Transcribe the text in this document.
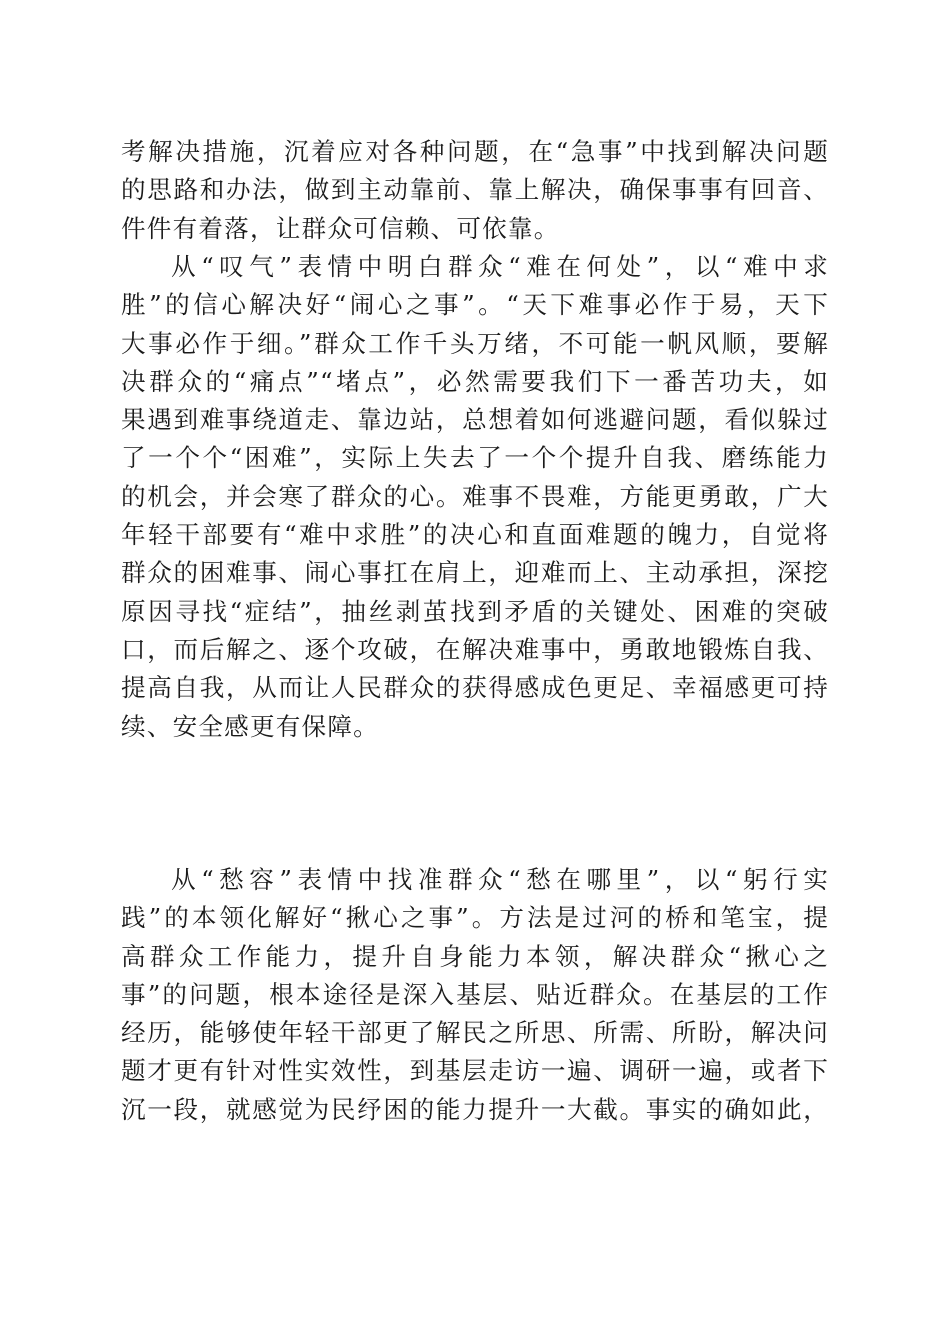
考解决措施，沉着应对各种问题，在“急事”中找到解决问题
的思路和办法，做到主动靠前、靠上解决，确保事事有回音、
件件有着落，让群众可信赖、可依靠。
从“叹气”表情中明白群众“难在何处”，以“难中求
胜”的信心解决好“闹心之事”。“天下难事必作于易，天下
大事必作于细。”群众工作千头万绪，不可能一帆风顺，要解
决群众的“痛点”“堵点”，必然需要我们下一番苦功夫，如
果遇到难事绕道走、靠边站，总想着如何逃避问题，看似躲过
了一个个“困难”，实际上失去了一个个提升自我、磨练能力
的机会，并会寒了群众的心。难事不畏难，方能更勇敢，广大
年轻干部要有“难中求胜”的决心和直面难题的魄力，自觉将
群众的困难事、闹心事扛在肩上，迎难而上、主动承担，深挖
原因寻找“症结”，抽丝剥茧找到矛盾的关键处、困难的突破
口，而后解之、逐个攻破，在解决难事中，勇敢地锻炼自我、
提高自我，从而让人民群众的获得感成色更足、幸福感更可持
续、安全感更有保障。
从“愁容”表情中找准群众“愁在哪里”，以“躬行实
践”的本领化解好“揪心之事”。方法是过河的桥和笔宝，提
高群众工作能力，提升自身能力本领，解决群众“揪心之
事”的问题，根本途径是深入基层、贴近群众。在基层的工作
经历，能够使年轻干部更了解民之所思、所需、所盼，解决问
题才更有针对性实效性，到基层走访一遍、调研一遍，或者下
沉一段，就感觉为民纾困的能力提升一大截。事实的确如此，
